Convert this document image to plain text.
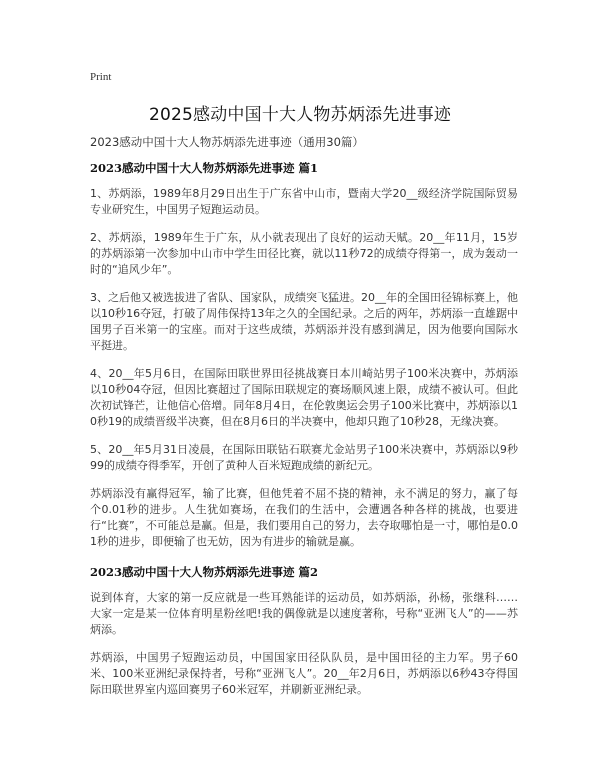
Print
2025感动中国十大人物苏炳添先进事迹
2023感动中国十大人物苏炳添先进事迹（通用30篇）
2023感动中国十大人物苏炳添先进事迹 篇1

1、苏炳添，1989年8月29日出生于广东省中山市，暨南大学20__级经济学院国际贸易专业研究生，中国男子短跑运动员。

2、苏炳添，1989年生于广东，从小就表现出了良好的运动天赋。20__年11月，15岁的苏炳添第一次参加中山市中学生田径比赛，就以11秒72的成绩夺得第一，成为轰动一时的“追风少年”。

3、之后他又被选拔进了省队、国家队，成绩突飞猛进。20__年的全国田径锦标赛上，他以10秒16夺冠，打破了周伟保持13年之久的全国纪录。之后的两年，苏炳添一直雄踞中国男子百米第一的宝座。而对于这些成绩，苏炳添并没有感到满足，因为他要向国际水平挺进。

4、20__年5月6日，在国际田联世界田径挑战赛日本川崎站男子100米决赛中，苏炳添以10秒04夺冠，但因比赛超过了国际田联规定的赛场顺风速上限，成绩不被认可。但此次初试锋芒，让他信心倍增。同年8月4日，在伦敦奥运会男子100米比赛中，苏炳添以10秒19的成绩晋级半决赛，但在8月6日的半决赛中，他却只跑了10秒28，无缘决赛。

5、20__年5月31日凌晨，在国际田联钻石联赛尤金站男子100米决赛中，苏炳添以9秒99的成绩夺得季军，开创了黄种人百米短跑成绩的新纪元。

苏炳添没有赢得冠军，输了比赛，但他凭着不屈不挠的精神，永不满足的努力，赢了每个0.01秒的进步。人生犹如赛场，在我们的生活中，会遭遇各种各样的挑战，也要进行“比赛”，不可能总是赢。但是，我们要用自己的努力，去夺取哪怕是一寸，哪怕是0.01秒的进步，即便输了也无妨，因为有进步的输就是赢。

2023感动中国十大人物苏炳添先进事迹 篇2

说到体育，大家的第一反应就是一些耳熟能详的运动员，如苏炳添，孙杨，张继科……大家一定是某一位体育明星粉丝吧!我的偶像就是以速度著称，号称“亚洲飞人”的——苏炳添。

苏炳添，中国男子短跑运动员，中国国家田径队队员，是中国田径的主力军。男子60米、100米亚洲纪录保持者，号称“亚洲飞人”。20__年2月6日，苏炳添以6秒43夺得国际田联世界室内巡回赛男子60米冠军，并刷新亚洲纪录。
